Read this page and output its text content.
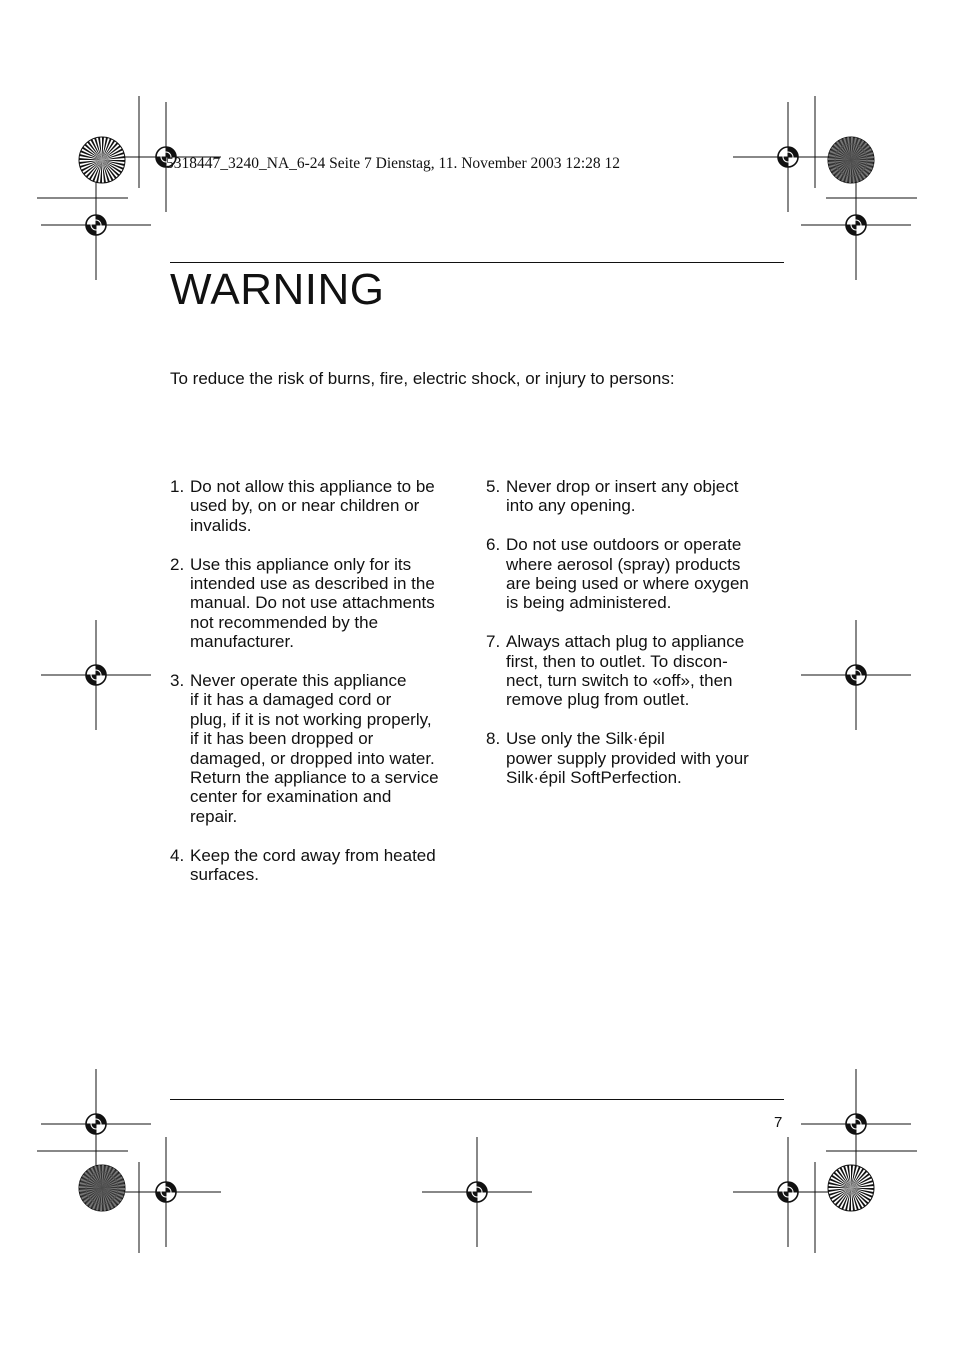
5318447_3240_NA_6-24 Seite 7 Dienstag, 11. November 2003 12:28 12
WARNING

To reduce the risk of burns, fire, electric shock, or injury to persons:

1. Do not allow this appliance to be
used by, on or near children or
invalids.
2. Use this appliance only for its
intended use as described in the
manual. Do not use attachments
not recommended by the
manufacturer.
3. Never operate this appliance
if it has a damaged cord or
plug, if it is not working properly,
if it has been dropped or
damaged, or dropped into water.
Return the appliance to a service
center for examination and
repair.
4. Keep the cord away from heated
surfaces.
5. Never drop or insert any object
into any opening.
6. Do not use outdoors or operate
where aerosol (spray) products
are being used or where oxygen
is being administered.
7. Always attach plug to appliance
first, then to outlet. To discon-
nect, turn switch to «off», then
remove plug from outlet.
8. Use only the Silk·épil
power supply provided with your
Silk·épil SoftPerfection.
7
